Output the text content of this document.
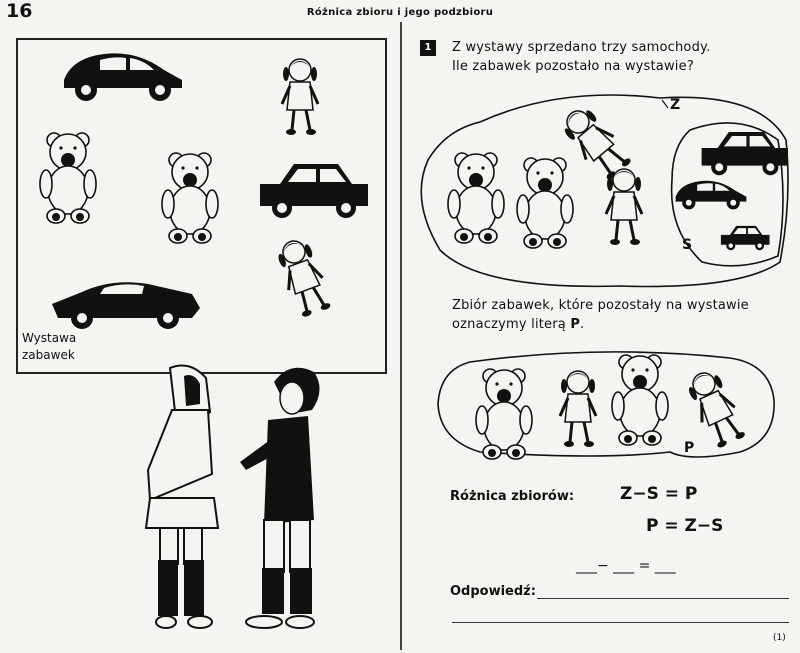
16	Różnica zbioru i jego podzbioru
Wystawa
zabawek
1	Z wystawy sprzedano trzy samochody.
Ile zabawek pozostało na wystawie?
Z
S
Zbiór zabawek, które pozostały na wystawie
oznaczymy literą P.
P
Różnica zbiorów:	Z−S = P
P = Z−S
___− ___ = ___
Odpowiedź:
(1)
